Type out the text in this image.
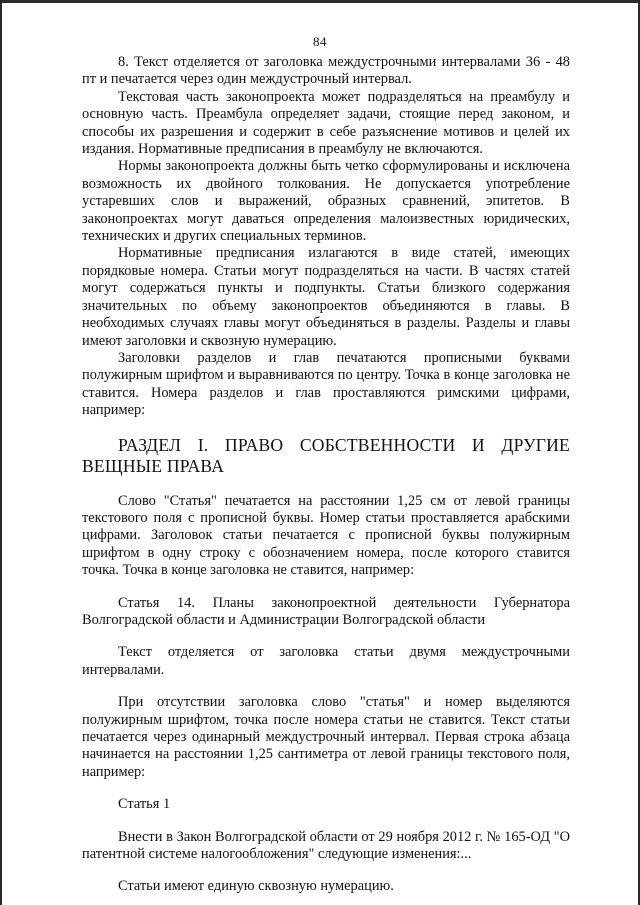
84

8. Текст отделяется от заголовка междустрочными интервалами 36 - 48 пт и печатается через один междустрочный интервал.

Текстовая часть законопроекта может подразделяться на преамбулу и основную часть. Преамбула определяет задачи, стоящие перед законом, и способы их разрешения и содержит в себе разъяснение мотивов и целей их издания. Нормативные предписания в преамбулу не включаются.

Нормы законопроекта должны быть четко сформулированы и исключена возможность их двойного толкования. Не допускается употребление устаревших слов и выражений, образных сравнений, эпитетов. В законопроектах могут даваться определения малоизвестных юридических, технических и других специальных терминов.

Нормативные предписания излагаются в виде статей, имеющих порядковые номера. Статьи могут подразделяться на части. В частях статей могут содержаться пункты и подпункты. Статьи близкого содержания значительных по объему законопроектов объединяются в главы. В необходимых случаях главы могут объединяться в разделы. Разделы и главы имеют заголовки и сквозную нумерацию.

Заголовки разделов и глав печатаются прописными буквами полужирным шрифтом и выравниваются по центру. Точка в конце заголовка не ставится. Номера разделов и глав проставляются римскими цифрами, например:

РАЗДЕЛ I. ПРАВО СОБСТВЕННОСТИ И ДРУГИЕ ВЕЩНЫЕ ПРАВА

Слово "Статья" печатается на расстоянии 1,25 см от левой границы текстового поля с прописной буквы. Номер статьи проставляется арабскими цифрами. Заголовок статьи печатается с прописной буквы полужирным шрифтом в одну строку с обозначением номера, после которого ставится точка. Точка в конце заголовка не ставится, например:

Статья 14. Планы законопроектной деятельности Губернатора Волгоградской области и Администрации Волгоградской области

Текст отделяется от заголовка статьи двумя междустрочными интервалами.

При отсутствии заголовка слово "статья" и номер выделяются полужирным шрифтом, точка после номера статьи не ставится. Текст статьи печатается через одинарный междустрочный интервал. Первая строка абзаца начинается на расстоянии 1,25 сантиметра от левой границы текстового поля, например:

Статья 1

Внести в Закон Волгоградской области от 29 ноября 2012 г. № 165-ОД "О патентной системе налогообложения" следующие изменения:...

Статьи имеют единую сквозную нумерацию.
